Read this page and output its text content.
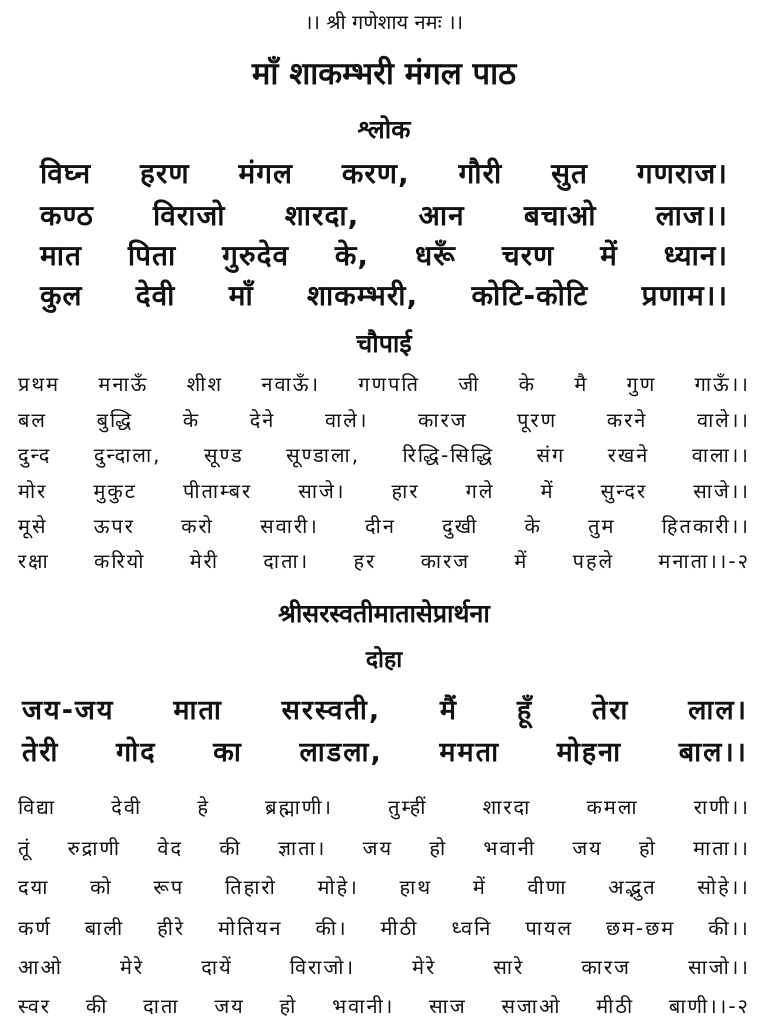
।। श्री गणेशाय नमः ।।
माँ शाकम्भरी मंगल पाठ
श्लोक
विघ्न हरण मंगल करण, गौरी सुत गणराज।
कण्ठ विराजो शारदा, आन बचाओ लाज।।
मात पिता गुरुदेव के, धरूँ चरण में ध्यान।
कुल देवी माँ शाकम्भरी, कोटि-कोटि प्रणाम।।
चौपाई
प्रथम मनाऊँ शीश नवाऊँ। गणपति जी के मै गुण गाऊँ।।
बल बुद्धि के देने वाले। कारज पूरण करने वाले।।
दुन्द दुन्दाला, सूण्ड सूण्डाला, रिद्धि-सिद्धि संग रखने वाला।।
मोर मुकुट पीताम्बर साजे। हार गले में सुन्दर साजे।।
मूसे ऊपर करो सवारी। दीन दुखी के तुम हितकारी।।
रक्षा करियो मेरी दाता। हर कारज में पहले मनाता।।-२
श्रीसरस्वतीमातासेप्रार्थना
दोहा
जय-जय माता सरस्वती, मैं हूँ तेरा लाल।
तेरी गोद का लाडला, ममता मोहना बाल।।
विद्या	देवी	हे	ब्रह्माणी।	तुम्हीं	शारदा	कमला	राणी।।
तूं रुद्राणी वेद की ज्ञाता। जय हो भवानी जय हो माता।।
दया को रूप तिहारो मोहे। हाथ में वीणा अद्भुत सोहे।।
कर्ण बाली हीरे मोतियन की। मीठी ध्वनि पायल छम-छम की।।
आओ	मेरे	दायें	विराजो।	मेरे	सारे	कारज	साजो।।
स्वर की दाता जय हो भवानी। साज सजाओ मीठी बाणी।।-२
